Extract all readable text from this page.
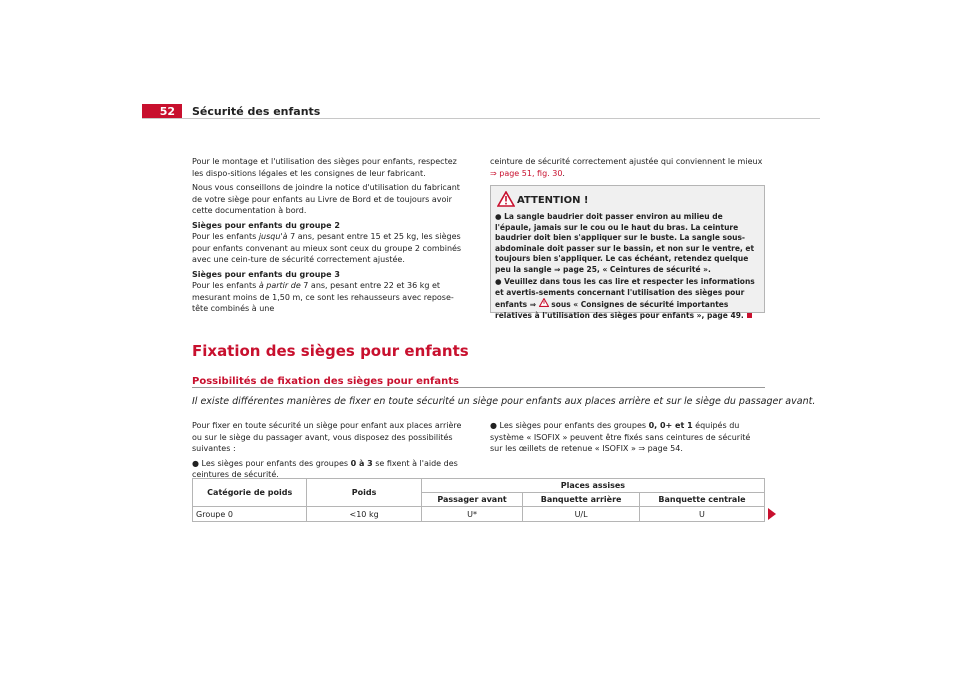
52	Sécurité des enfants

Pour le montage et l'utilisation des sièges pour enfants, respectez les dispo-sitions légales et les consignes de leur fabricant.

Nous vous conseillons de joindre la notice d'utilisation du fabricant de votre siège pour enfants au Livre de Bord et de toujours avoir cette documentation à bord.

Sièges pour enfants du groupe 2

Pour les enfants jusqu'à 7 ans, pesant entre 15 et 25 kg, les sièges pour enfants convenant au mieux sont ceux du groupe 2 combinés avec une cein-ture de sécurité correctement ajustée.

Sièges pour enfants du groupe 3

Pour les enfants à partir de 7 ans, pesant entre 22 et 36 kg et mesurant moins de 1,50 m, ce sont les rehausseurs avec repose-tête combinés à une

ceinture de sécurité correctement ajustée qui conviennent le mieux
⇒ page 51, fig. 30.
ATTENTION !

● La sangle baudrier doit passer environ au milieu de l'épaule, jamais sur le cou ou le haut du bras. La ceinture baudrier doit bien s'appliquer sur le buste. La sangle sous-abdominale doit passer sur le bassin, et non sur le ventre, et toujours bien s'appliquer. Le cas échéant, retendez quelque peu la sangle ⇒ page 25, « Ceintures de sécurité ».

● Veuillez dans tous les cas lire et respecter les informations et avertis-sements concernant l'utilisation des sièges pour enfants ⇒  sous « Consignes de sécurité importantes relatives à l'utilisation des sièges pour enfants », page 49.

Fixation des sièges pour enfants
Possibilités de fixation des sièges pour enfants
Il existe différentes manières de fixer en toute sécurité un siège pour enfants aux places arrière et sur le siège du passager avant.

Pour fixer en toute sécurité un siège pour enfant aux places arrière ou sur le siège du passager avant, vous disposez des possibilités suivantes :

● Les sièges pour enfants des groupes 0 à 3 se fixent à l'aide des ceintures de sécurité.

● Les sièges pour enfants des groupes 0, 0+ et 1 équipés du système « ISOFIX » peuvent être fixés sans ceintures de sécurité sur les œillets de retenue « ISOFIX » ⇒ page 54.

Catégorie de poids	Poids	Places assises		
		Passager avant	Banquette arrière	Banquette centrale
Groupe 0	<10 kg	U*	U/L	U
